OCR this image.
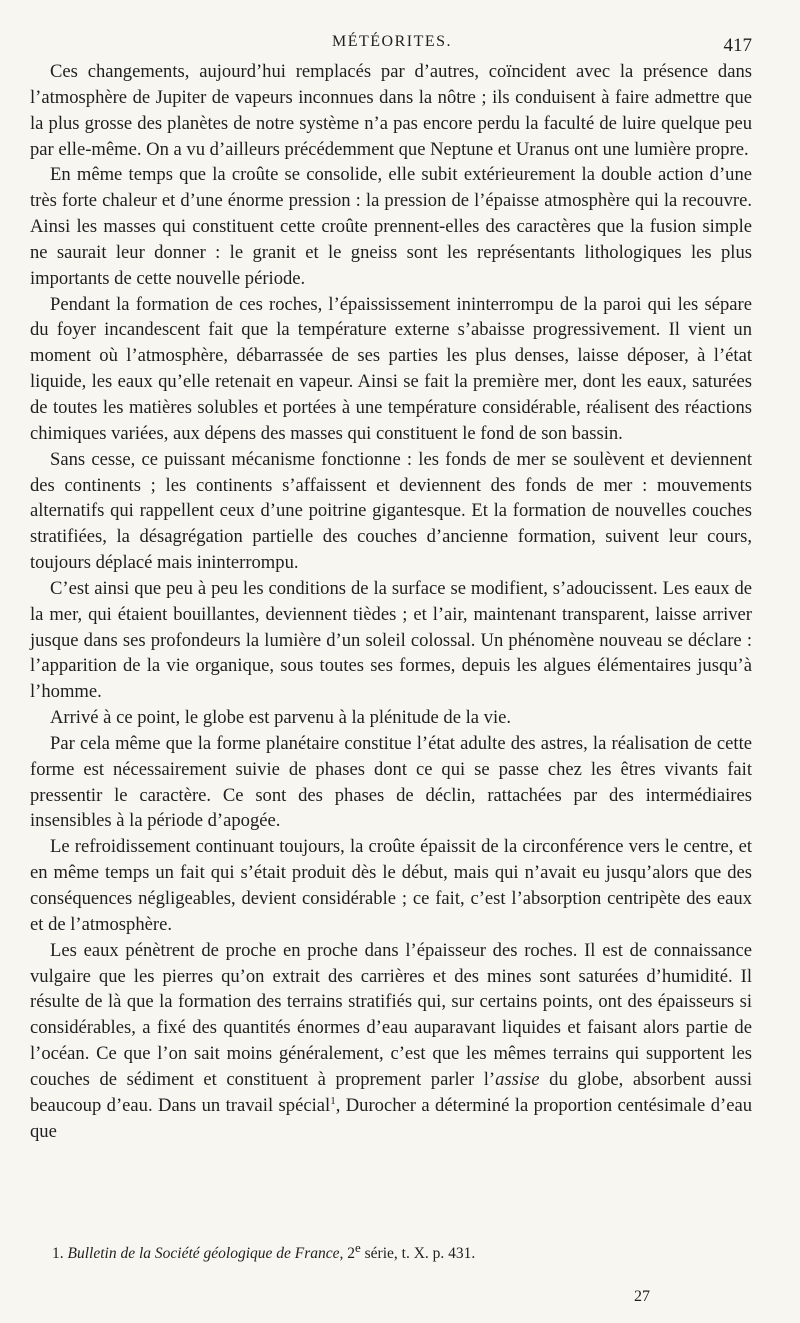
MÉTÉORITES.	417

Ces changements, aujourd’hui remplacés par d’autres, coïncident avec la présence dans l’atmosphère de Jupiter de vapeurs inconnues dans la nôtre ; ils conduisent à faire admettre que la plus grosse des planètes de notre système n’a pas encore perdu la faculté de luire quelque peu par elle-même. On a vu d’ailleurs précédemment que Neptune et Uranus ont une lumière propre.

En même temps que la croûte se consolide, elle subit extérieurement la double action d’une très forte chaleur et d’une énorme pression : la pression de l’épaisse atmosphère qui la recouvre. Ainsi les masses qui constituent cette croûte prennent-elles des caractères que la fusion simple ne saurait leur donner : le granit et le gneiss sont les représentants lithologiques les plus importants de cette nouvelle période.

Pendant la formation de ces roches, l’épaississement ininterrompu de la paroi qui les sépare du foyer incandescent fait que la température externe s’abaisse progressivement. Il vient un moment où l’atmosphère, débarrassée de ses parties les plus denses, laisse déposer, à l’état liquide, les eaux qu’elle retenait en vapeur. Ainsi se fait la première mer, dont les eaux, saturées de toutes les matières solubles et portées à une température considérable, réalisent des réactions chimiques variées, aux dépens des masses qui constituent le fond de son bassin.

Sans cesse, ce puissant mécanisme fonctionne : les fonds de mer se soulèvent et deviennent des continents ; les continents s’affaissent et deviennent des fonds de mer : mouvements alternatifs qui rappellent ceux d’une poitrine gigantesque. Et la formation de nouvelles couches stratifiées, la désagrégation partielle des couches d’ancienne formation, suivent leur cours, toujours déplacé mais ininterrompu.

C’est ainsi que peu à peu les conditions de la surface se modifient, s’adoucissent. Les eaux de la mer, qui étaient bouillantes, deviennent tièdes ; et l’air, maintenant transparent, laisse arriver jusque dans ses profondeurs la lumière d’un soleil colossal. Un phénomène nouveau se déclare : l’apparition de la vie organique, sous toutes ses formes, depuis les algues élémentaires jusqu’à l’homme.

Arrivé à ce point, le globe est parvenu à la plénitude de la vie.

Par cela même que la forme planétaire constitue l’état adulte des astres, la réalisation de cette forme est nécessairement suivie de phases dont ce qui se passe chez les êtres vivants fait pressentir le caractère. Ce sont des phases de déclin, rattachées par des intermédiaires insensibles à la période d’apogée.

Le refroidissement continuant toujours, la croûte épaissit de la circonférence vers le centre, et en même temps un fait qui s’était produit dès le début, mais qui n’avait eu jusqu’alors que des conséquences négligeables, devient considérable ; ce fait, c’est l’absorption centripète des eaux et de l’atmosphère.

Les eaux pénètrent de proche en proche dans l’épaisseur des roches. Il est de connaissance vulgaire que les pierres qu’on extrait des carrières et des mines sont saturées d’humidité. Il résulte de là que la formation des terrains stratifiés qui, sur certains points, ont des épaisseurs si considérables, a fixé des quantités énormes d’eau auparavant liquides et faisant alors partie de l’océan. Ce que l’on sait moins généralement, c’est que les mêmes terrains qui supportent les couches de sédiment et constituent à proprement parler l’assise du globe, absorbent aussi beaucoup d’eau. Dans un travail spécial$^1$, Durocher a déterminé la proportion centésimale d’eau que

1. Bulletin de la Société géologique de France, 2e série, t. X. p. 431.
27
